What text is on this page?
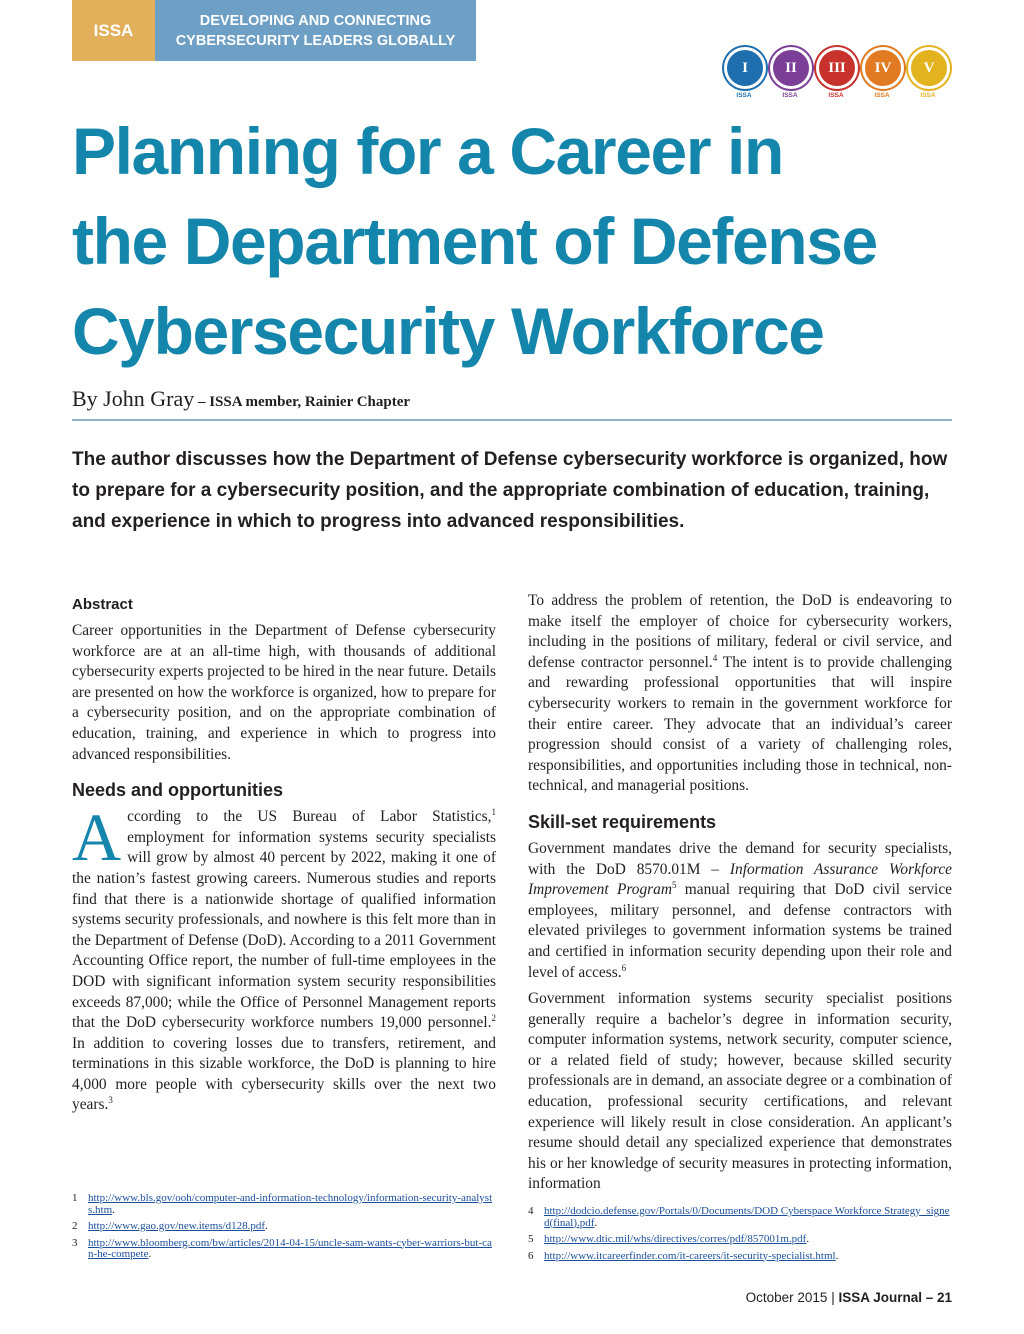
ISSA	DEVELOPING AND CONNECTING
CYBERSECURITY LEADERS GLOBALLY
I
ISSA
II
ISSA
III
ISSA
IV
ISSA
V
ISSA
Planning for a Career in
the Department of Defense
Cybersecurity Workforce
By John Gray – ISSA member, Rainier Chapter

The author discusses how the Department of Defense cybersecurity workforce is organized, how to prepare for a cybersecurity position, and the appropriate combination of education, training, and experience in which to progress into advanced responsibilities.

Abstract

Career opportunities in the Department of Defense cybersecurity workforce are at an all-time high, with thousands of additional cybersecurity experts projected to be hired in the near future. Details are presented on how the workforce is organized, how to prepare for a cybersecurity position, and on the appropriate combination of education, training, and experience in which to progress into advanced responsibilities.

Needs and opportunities

According to the US Bureau of Labor Statistics,$^1$ employment for information systems security specialists will grow by almost 40 percent by 2022, making it one of the nation’s fastest growing careers. Numerous studies and reports find that there is a nationwide shortage of qualified information systems security professionals, and nowhere is this felt more than in the Department of Defense (DoD). According to a 2011 Government Accounting Office report, the number of full-time employees in the DOD with significant information system security responsibilities exceeds 87,000; while the Office of Personnel Management reports that the DoD cybersecurity workforce numbers 19,000 personnel.$^2$ In addition to covering losses due to transfers, retirement, and terminations in this sizable workforce, the DoD is planning to hire 4,000 more people with cybersecurity skills over the next two years.$^3$

To address the problem of retention, the DoD is endeavoring to make itself the employer of choice for cybersecurity workers, including in the positions of military, federal or civil service, and defense contractor personnel.$^4$ The intent is to provide challenging and rewarding professional opportunities that will inspire cybersecurity workers to remain in the government workforce for their entire career. They advocate that an individual’s career progression should consist of a variety of challenging roles, responsibilities, and opportunities including those in technical, non-technical, and managerial positions.

Skill-set requirements

Government mandates drive the demand for security specialists, with the DoD 8570.01M – Information Assurance Workforce Improvement Program$^5$ manual requiring that DoD civil service employees, military personnel, and defense contractors with elevated privileges to government information systems be trained and certified in information security depending upon their role and level of access.$^6$

Government information systems security specialist positions generally require a bachelor’s degree in information security, computer information systems, network security, computer science, or a related field of study; however, because skilled security professionals are in demand, an associate degree or a combination of education, professional security certifications, and relevant experience will likely result in close consideration. An applicant’s resume should detail any specialized experience that demonstrates his or her knowledge of security measures in protecting information, information

1 http://www.bls.gov/ooh/computer-and-information-technology/information-security-analysts.htm.
2 http://www.gao.gov/new.items/d128.pdf.
3 http://www.bloomberg.com/bw/articles/2014-04-15/uncle-sam-wants-cyber-warriors-but-can-he-compete.
4 http://dodcio.defense.gov/Portals/0/Documents/DOD Cyberspace Workforce Strategy_signed(final).pdf.
5 http://www.dtic.mil/whs/directives/corres/pdf/857001m.pdf.
6 http://www.itcareerfinder.com/it-careers/it-security-specialist.html.
October 2015 | ISSA Journal – 21
